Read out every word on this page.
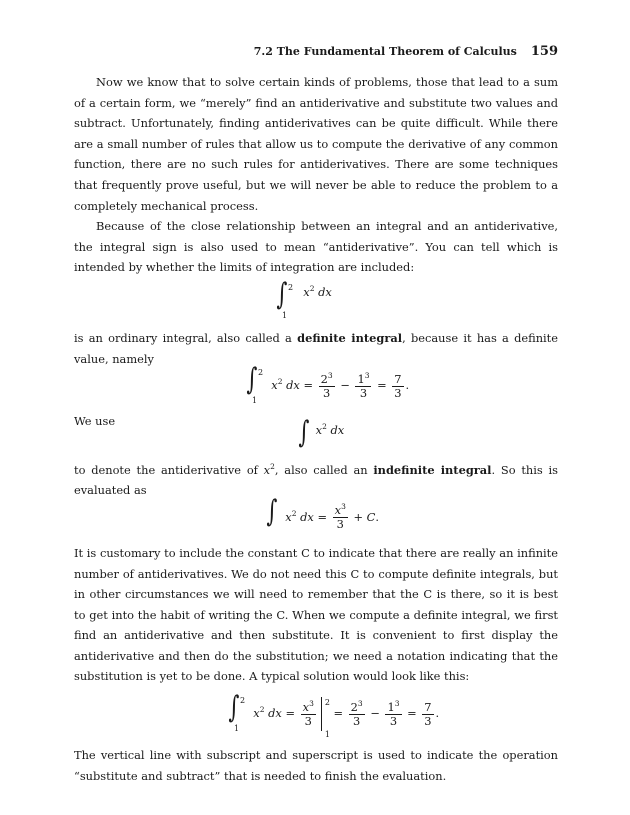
7.2 The Fundamental Theorem of Calculus 159

Now we know that to solve certain kinds of problems, those that lead to a sum of a certain form, we “merely” find an antiderivative and substitute two values and subtract. Unfortunately, finding antiderivatives can be quite difficult. While there are a small number of rules that allow us to compute the derivative of any common function, there are no such rules for antiderivatives. There are some techniques that frequently prove useful, but we will never be able to reduce the problem to a completely mechanical process.

Because of the close relationship between an integral and an antiderivative, the integral sign is also used to mean “antiderivative”. You can tell which is intended by whether the limits of integration are included:

∫ 2
1
$x^2$ dx

is an ordinary integral, also called a definite integral, because it has a definite value, namely

∫ 2
1
$x^2$ dx = $\frac{2^3}{3} - \frac{1^3}{3} = \frac{7}{3}$ .

We use	∫ $x^2$ dx

to denote the antiderivative of $x^2$, also called an indefinite integral. So this is evaluated as

∫ $x^2$ dx = $\frac{x^3}{3} + C$.

It is customary to include the constant C to indicate that there are really an infinite number of antiderivatives. We do not need this C to compute definite integrals, but in other circumstances we will need to remember that the C is there, so it is best to get into the habit of writing the C. When we compute a definite integral, we first find an antiderivative and then substitute. It is convenient to first display the antiderivative and then do the substitution; we need a notation indicating that the substitution is yet to be done. A typical solution would look like this:

∫ 2
1
$x^2$ dx = $\frac{x^3}{3} 2$
1
= $\frac{2^3}{3} - \frac{1^3}{3} = \frac{7}{3}$ .

The vertical line with subscript and superscript is used to indicate the operation “substitute and subtract” that is needed to finish the evaluation.
